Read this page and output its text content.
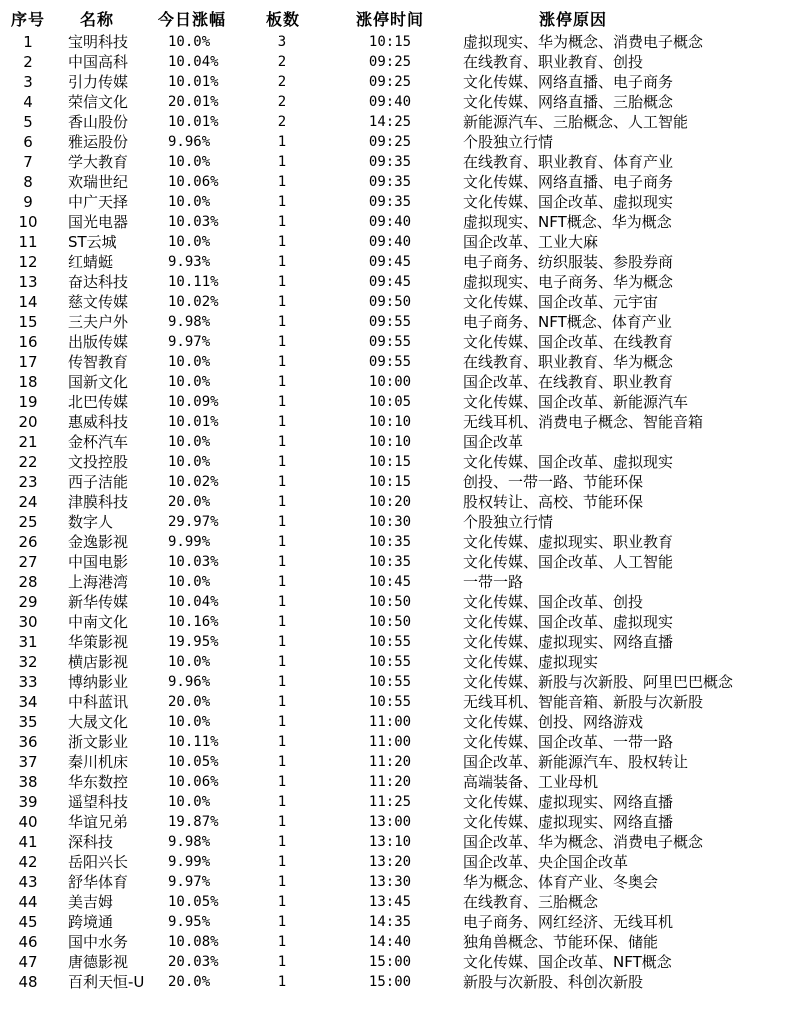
序号	名称	今日涨幅	板数	涨停时间	涨停原因
1	宝明科技	10.0%	3	10:15	虚拟现实、华为概念、消费电子概念
2	中国高科	10.04%	2	09:25	在线教育、职业教育、创投
3	引力传媒	10.01%	2	09:25	文化传媒、网络直播、电子商务
4	荣信文化	20.01%	2	09:40	文化传媒、网络直播、三胎概念
5	香山股份	10.01%	2	14:25	新能源汽车、三胎概念、人工智能
6	雅运股份	9.96%	1	09:25	个股独立行情
7	学大教育	10.0%	1	09:35	在线教育、职业教育、体育产业
8	欢瑞世纪	10.06%	1	09:35	文化传媒、网络直播、电子商务
9	中广天择	10.0%	1	09:35	文化传媒、国企改革、虚拟现实
10	国光电器	10.03%	1	09:40	虚拟现实、NFT概念、华为概念
11	ST云城	10.0%	1	09:40	国企改革、工业大麻
12	红蜻蜓	9.93%	1	09:45	电子商务、纺织服装、参股券商
13	奋达科技	10.11%	1	09:45	虚拟现实、电子商务、华为概念
14	慈文传媒	10.02%	1	09:50	文化传媒、国企改革、元宇宙
15	三夫户外	9.98%	1	09:55	电子商务、NFT概念、体育产业
16	出版传媒	9.97%	1	09:55	文化传媒、国企改革、在线教育
17	传智教育	10.0%	1	09:55	在线教育、职业教育、华为概念
18	国新文化	10.0%	1	10:00	国企改革、在线教育、职业教育
19	北巴传媒	10.09%	1	10:05	文化传媒、国企改革、新能源汽车
20	惠威科技	10.01%	1	10:10	无线耳机、消费电子概念、智能音箱
21	金杯汽车	10.0%	1	10:10	国企改革
22	文投控股	10.0%	1	10:15	文化传媒、国企改革、虚拟现实
23	西子洁能	10.02%	1	10:15	创投、一带一路、节能环保
24	津膜科技	20.0%	1	10:20	股权转让、高校、节能环保
25	数字人	29.97%	1	10:30	个股独立行情
26	金逸影视	9.99%	1	10:35	文化传媒、虚拟现实、职业教育
27	中国电影	10.03%	1	10:35	文化传媒、国企改革、人工智能
28	上海港湾	10.0%	1	10:45	一带一路
29	新华传媒	10.04%	1	10:50	文化传媒、国企改革、创投
30	中南文化	10.16%	1	10:50	文化传媒、国企改革、虚拟现实
31	华策影视	19.95%	1	10:55	文化传媒、虚拟现实、网络直播
32	横店影视	10.0%	1	10:55	文化传媒、虚拟现实
33	博纳影业	9.96%	1	10:55	文化传媒、新股与次新股、阿里巴巴概念
34	中科蓝讯	20.0%	1	10:55	无线耳机、智能音箱、新股与次新股
35	大晟文化	10.0%	1	11:00	文化传媒、创投、网络游戏
36	浙文影业	10.11%	1	11:00	文化传媒、国企改革、一带一路
37	秦川机床	10.05%	1	11:20	国企改革、新能源汽车、股权转让
38	华东数控	10.06%	1	11:20	高端装备、工业母机
39	遥望科技	10.0%	1	11:25	文化传媒、虚拟现实、网络直播
40	华谊兄弟	19.87%	1	13:00	文化传媒、虚拟现实、网络直播
41	深科技	9.98%	1	13:10	国企改革、华为概念、消费电子概念
42	岳阳兴长	9.99%	1	13:20	国企改革、央企国企改革
43	舒华体育	9.97%	1	13:30	华为概念、体育产业、冬奥会
44	美吉姆	10.05%	1	13:45	在线教育、三胎概念
45	跨境通	9.95%	1	14:35	电子商务、网红经济、无线耳机
46	国中水务	10.08%	1	14:40	独角兽概念、节能环保、储能
47	唐德影视	20.03%	1	15:00	文化传媒、国企改革、NFT概念
48	百利天恒-U	20.0%	1	15:00	新股与次新股、科创次新股
